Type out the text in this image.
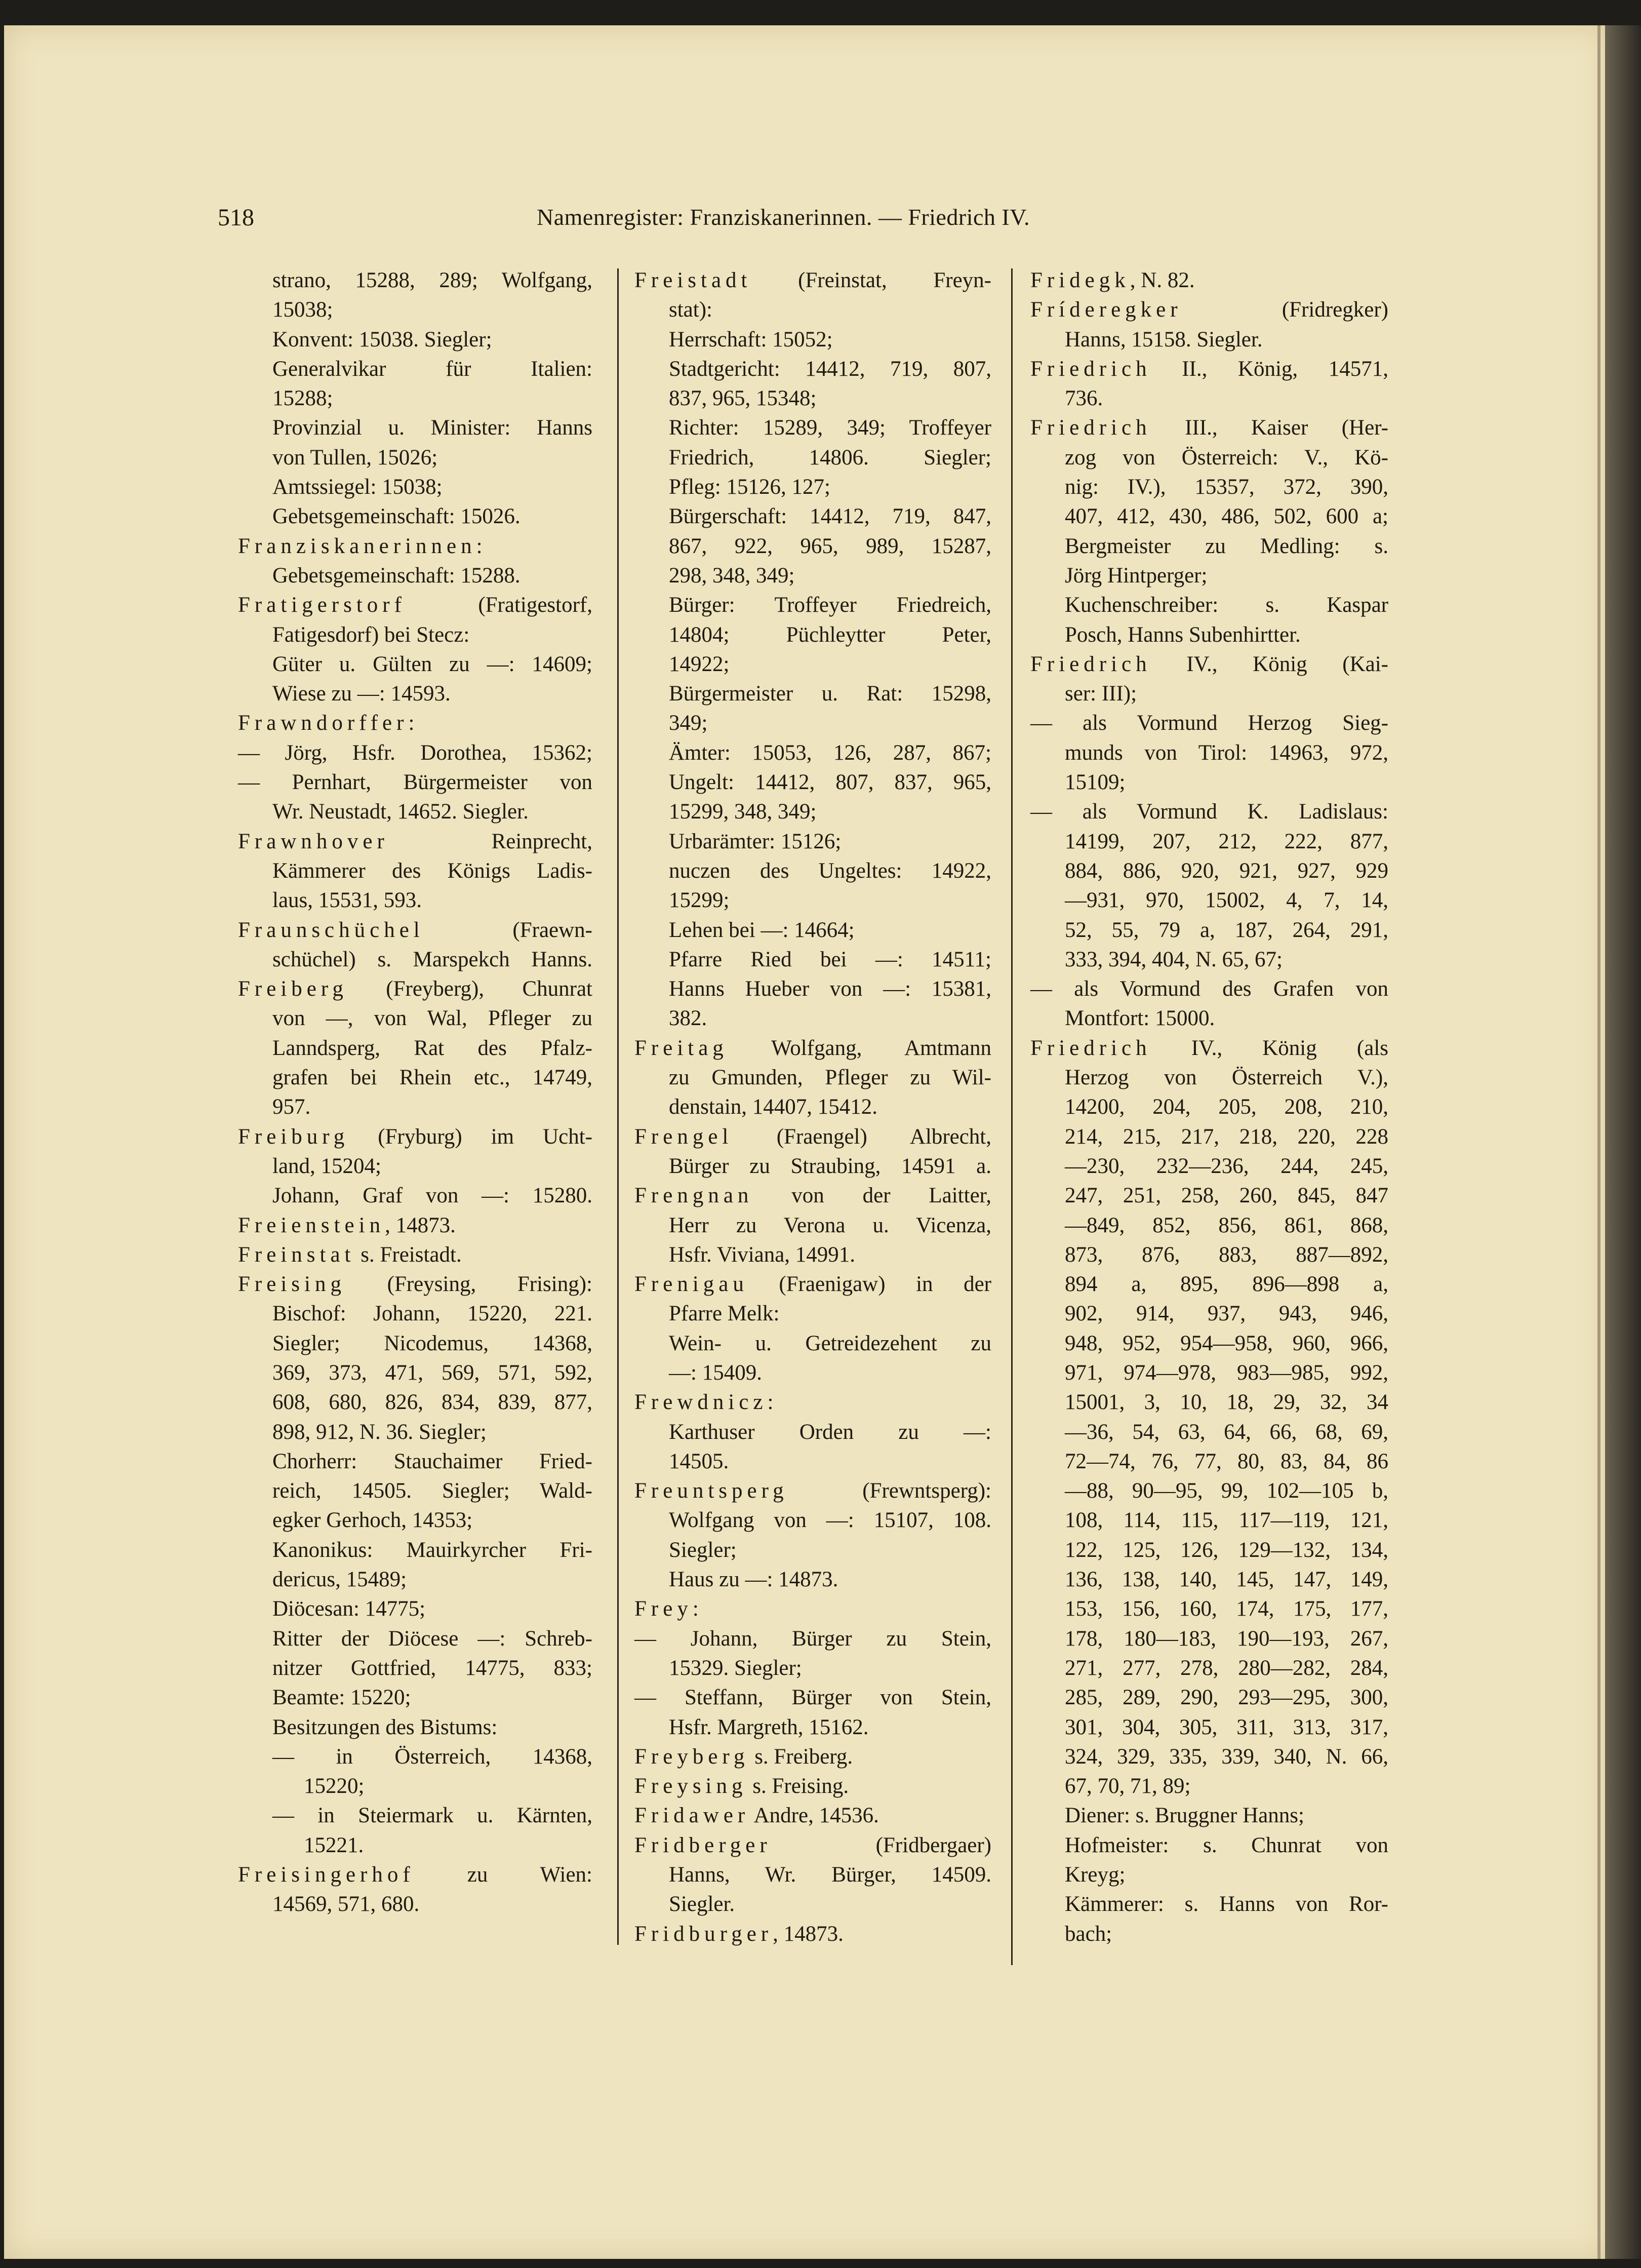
518	Namenregister: Franziskanerinnen. — Friedrich IV.
strano, 15288, 289; Wolfgang,
15038;
Konvent: 15038. Siegler;
Generalvikar für Italien:
15288;
Provinzial u. Minister: Hanns
von Tullen, 15026;
Amtssiegel: 15038;
Gebetsgemeinschaft: 15026.
Franziskanerinnen:
Gebetsgemeinschaft: 15288.
Fratigerstorf (Fratigestorf,
Fatigesdorf) bei Stecz:
Güter u. Gülten zu —: 14609;
Wiese zu —: 14593.
Frawndorffer:
— Jörg, Hsfr. Dorothea, 15362;
— Pernhart, Bürgermeister von
Wr. Neustadt, 14652. Siegler.
Frawnhover Reinprecht,
Kämmerer des Königs Ladis-
laus, 15531, 593.
Fraunschüchel (Fraewn-
schüchel) s. Marspekch Hanns.
Freiberg (Freyberg), Chunrat
von —, von Wal, Pfleger zu
Lanndsperg, Rat des Pfalz-
grafen bei Rhein etc., 14749,
957.
Freiburg (Fryburg) im Ucht-
land, 15204;
Johann, Graf von —: 15280.
Freienstein, 14873.
Freinstat s. Freistadt.
Freising (Freysing, Frising):
Bischof: Johann, 15220, 221.
Siegler; Nicodemus, 14368,
369, 373, 471, 569, 571, 592,
608, 680, 826, 834, 839, 877,
898, 912, N. 36. Siegler;
Chorherr: Stauchaimer Fried-
reich, 14505. Siegler; Wald-
egker Gerhoch, 14353;
Kanonikus: Mauirkyrcher Fri-
dericus, 15489;
Diöcesan: 14775;
Ritter der Diöcese —: Schreb-
nitzer Gottfried, 14775, 833;
Beamte: 15220;
Besitzungen des Bistums:
— in Österreich, 14368,
15220;
— in Steiermark u. Kärnten,
15221.
Freisingerhof zu Wien:
14569, 571, 680.
Freistadt (Freinstat, Freyn-
stat):
Herrschaft: 15052;
Stadtgericht: 14412, 719, 807,
837, 965, 15348;
Richter: 15289, 349; Troffeyer
Friedrich, 14806. Siegler;
Pfleg: 15126, 127;
Bürgerschaft: 14412, 719, 847,
867, 922, 965, 989, 15287,
298, 348, 349;
Bürger: Troffeyer Friedreich,
14804; Püchleytter Peter,
14922;
Bürgermeister u. Rat: 15298,
349;
Ämter: 15053, 126, 287, 867;
Ungelt: 14412, 807, 837, 965,
15299, 348, 349;
Urbarämter: 15126;
nuczen des Ungeltes: 14922,
15299;
Lehen bei —: 14664;
Pfarre Ried bei —: 14511;
Hanns Hueber von —: 15381,
382.
Freitag Wolfgang, Amtmann
zu Gmunden, Pfleger zu Wil-
denstain, 14407, 15412.
Frengel (Fraengel) Albrecht,
Bürger zu Straubing, 14591 a.
Frengnan von der Laitter,
Herr zu Verona u. Vicenza,
Hsfr. Viviana, 14991.
Frenigau (Fraenigaw) in der
Pfarre Melk:
Wein- u. Getreidezehent zu
—: 15409.
Frewdnicz:
Karthuser Orden zu —:
14505.
Freuntsperg (Frewntsperg):
Wolfgang von —: 15107, 108.
Siegler;
Haus zu —: 14873.
Frey:
— Johann, Bürger zu Stein,
15329. Siegler;
— Steffann, Bürger von Stein,
Hsfr. Margreth, 15162.
Freyberg s. Freiberg.
Freysing s. Freising.
Fridawer Andre, 14536.
Fridberger (Fridbergaer)
Hanns, Wr. Bürger, 14509.
Siegler.
Fridburger, 14873.
Fridegk, N. 82.
Fríderegker (Fridregker)
Hanns, 15158. Siegler.
Friedrich II., König, 14571,
736.
Friedrich III., Kaiser (Her-
zog von Österreich: V., Kö-
nig: IV.), 15357, 372, 390,
407, 412, 430, 486, 502, 600 a;
Bergmeister zu Medling: s.
Jörg Hintperger;
Kuchenschreiber: s. Kaspar
Posch, Hanns Subenhirtter.
Friedrich IV., König (Kai-
ser: III);
— als Vormund Herzog Sieg-
munds von Tirol: 14963, 972,
15109;
— als Vormund K. Ladislaus:
14199, 207, 212, 222, 877,
884, 886, 920, 921, 927, 929
—931, 970, 15002, 4, 7, 14,
52, 55, 79 a, 187, 264, 291,
333, 394, 404, N. 65, 67;
— als Vormund des Grafen von
Montfort: 15000.
Friedrich IV., König (als
Herzog von Österreich V.),
14200, 204, 205, 208, 210,
214, 215, 217, 218, 220, 228
—230, 232—236, 244, 245,
247, 251, 258, 260, 845, 847
—849, 852, 856, 861, 868,
873, 876, 883, 887—892,
894 a, 895, 896—898 a,
902, 914, 937, 943, 946,
948, 952, 954—958, 960, 966,
971, 974—978, 983—985, 992,
15001, 3, 10, 18, 29, 32, 34
—36, 54, 63, 64, 66, 68, 69,
72—74, 76, 77, 80, 83, 84, 86
—88, 90—95, 99, 102—105 b,
108, 114, 115, 117—119, 121,
122, 125, 126, 129—132, 134,
136, 138, 140, 145, 147, 149,
153, 156, 160, 174, 175, 177,
178, 180—183, 190—193, 267,
271, 277, 278, 280—282, 284,
285, 289, 290, 293—295, 300,
301, 304, 305, 311, 313, 317,
324, 329, 335, 339, 340, N. 66,
67, 70, 71, 89;
Diener: s. Bruggner Hanns;
Hofmeister: s. Chunrat von
Kreyg;
Kämmerer: s. Hanns von Ror-
bach;
